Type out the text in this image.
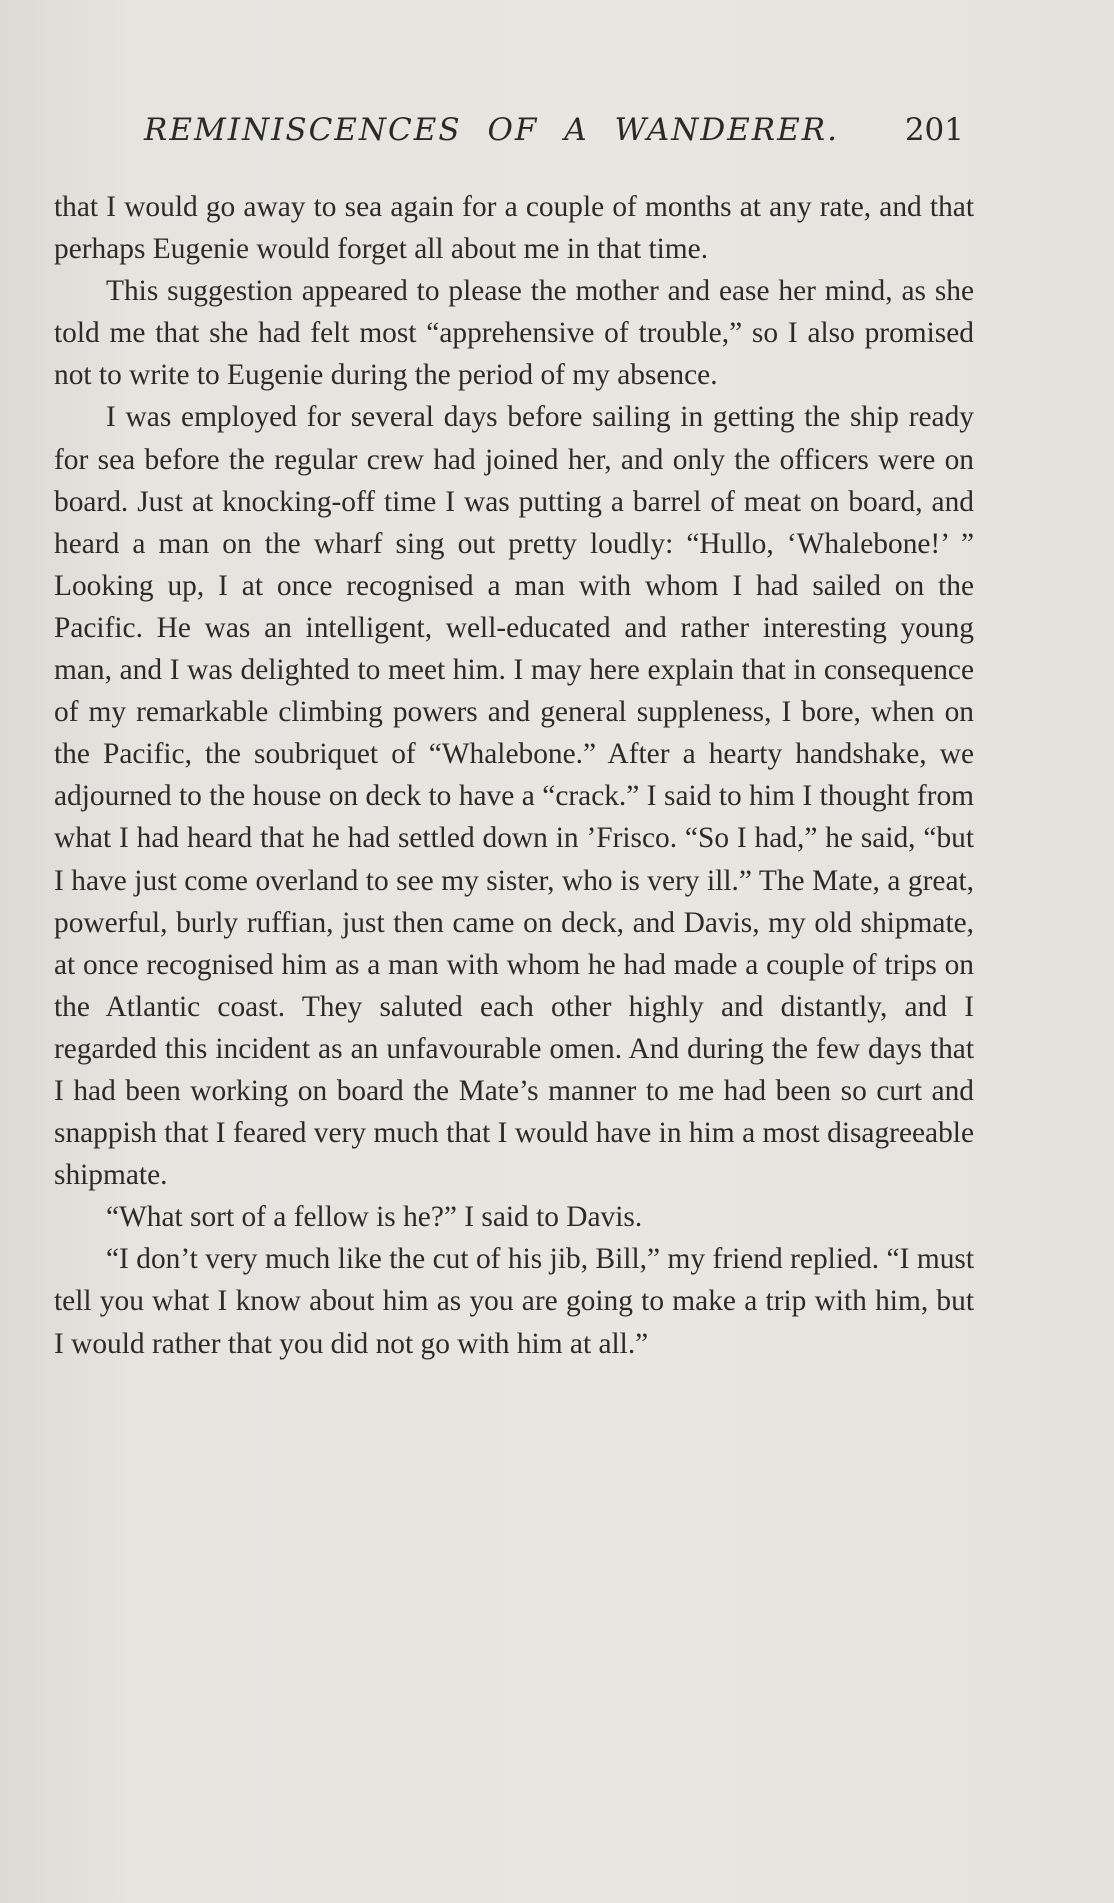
REMINISCENCES OF A WANDERER. 201

that I would go away to sea again for a couple of months at any rate, and that perhaps Eugenie would forget all about me in that time.

This suggestion appeared to please the mother and ease her mind, as she told me that she had felt most “apprehensive of trouble,” so I also promised not to write to Eugenie during the period of my absence.

I was employed for several days before sailing in getting the ship ready for sea before the regular crew had joined her, and only the officers were on board. Just at knocking-off time I was putting a barrel of meat on board, and heard a man on the wharf sing out pretty loudly: “Hullo, ‘Whalebone!’ ” Looking up, I at once recognised a man with whom I had sailed on the Pacific. He was an intelligent, well-educated and rather interesting young man, and I was delighted to meet him. I may here explain that in consequence of my remarkable climbing powers and general suppleness, I bore, when on the Pacific, the soubriquet of “Whalebone.” After a hearty handshake, we adjourned to the house on deck to have a “crack.” I said to him I thought from what I had heard that he had settled down in ’Frisco. “So I had,” he said, “but I have just come overland to see my sister, who is very ill.” The Mate, a great, powerful, burly ruffian, just then came on deck, and Davis, my old shipmate, at once recognised him as a man with whom he had made a couple of trips on the Atlantic coast. They saluted each other highly and distantly, and I regarded this incident as an unfavourable omen. And during the few days that I had been working on board the Mate’s manner to me had been so curt and snappish that I feared very much that I would have in him a most disagreeable shipmate.

“What sort of a fellow is he?” I said to Davis.

“I don’t very much like the cut of his jib, Bill,” my friend replied. “I must tell you what I know about him as you are going to make a trip with him, but I would rather that you did not go with him at all.”
